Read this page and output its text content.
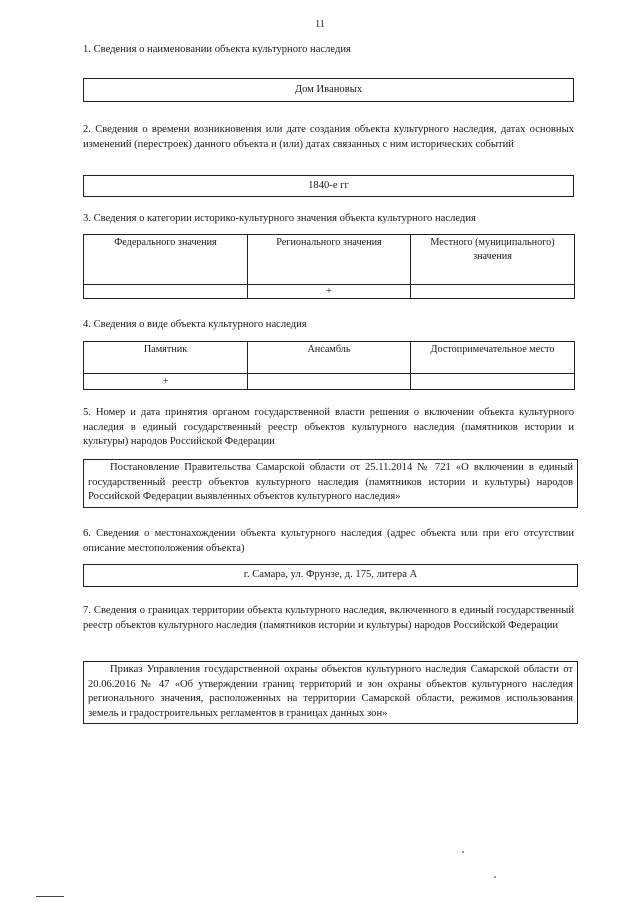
11

1. Сведения о наименовании объекта культурного наследия

Дом Ивановых

2. Сведения о времени возникновения или дате создания объекта культурного наследия, датах основных изменений (перестроек) данного объекта и (или) датах связанных с ним исторических событий

1840-е гг

3. Сведения о категории историко-культурного значения объекта культурного наследия

Федерального значения	Регионального значения	Местного (муниципального) значения
	+	

4. Сведения о виде объекта культурного наследия

Памятник	Ансамбль	Достопримечательное место
+		

5. Номер и дата принятия органом государственной власти решения о включении объекта культурного наследия в единый государственный реестр объектов культурного наследия (памятников истории и культуры) народов Российской Федерации

Постановление Правительства Самарской области от 25.11.2014 № 721 «О включении в единый государственный реестр объектов культурного наследия (памятников истории и культуры) народов Российской Федерации выявленных объектов культурного наследия»

6. Сведения о местонахождении объекта культурного наследия (адрес объекта или при его отсутствии описание местоположения объекта)

г. Самара, ул. Фрунзе, д. 175, литера А

7. Сведения о границах территории объекта культурного наследия, включенного в единый государственный реестр объектов культурного наследия (памятников истории и культуры) народов Российской Федерации

Приказ Управления государственной охраны объектов культурного наследия Самарской области от 20.06.2016 № 47 «Об утверждении границ территорий и зон охраны объектов культурного наследия регионального значения, расположенных на территории Самарской области, режимов использования земель и градостроительных регламентов в границах данных зон»
